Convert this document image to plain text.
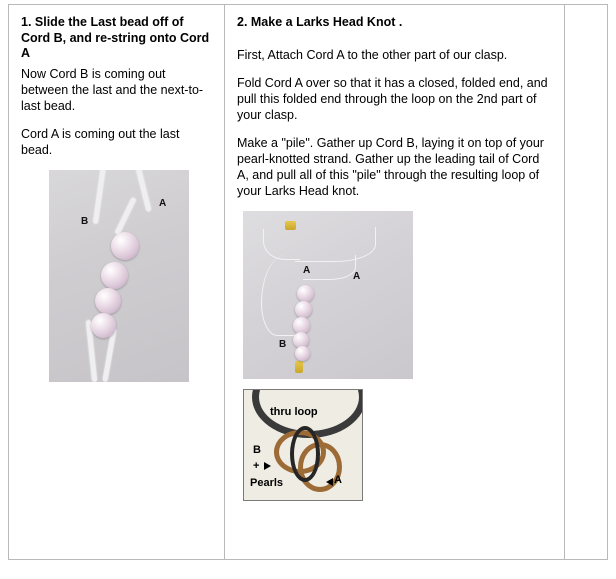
1. Slide the Last bead off of Cord B, and re-string onto Cord A

Now Cord B is coming out between the last and the next-to-last bead.

Cord A is coming out the last bead.

B
A
2. Make a Larks Head Knot .

First, Attach Cord A to the other part of our clasp.

Fold Cord A over so that it has a closed, folded end, and pull this folded end through the loop on the 2nd part of your clasp.

Make a "pile". Gather up Cord B, laying it on top of your pearl-knotted strand. Gather up the leading tail of Cord A, and pull all of this "pile" through the resulting loop of your Larks Head knot.

A
A
B
thru loop
B
+
Pearls	A
